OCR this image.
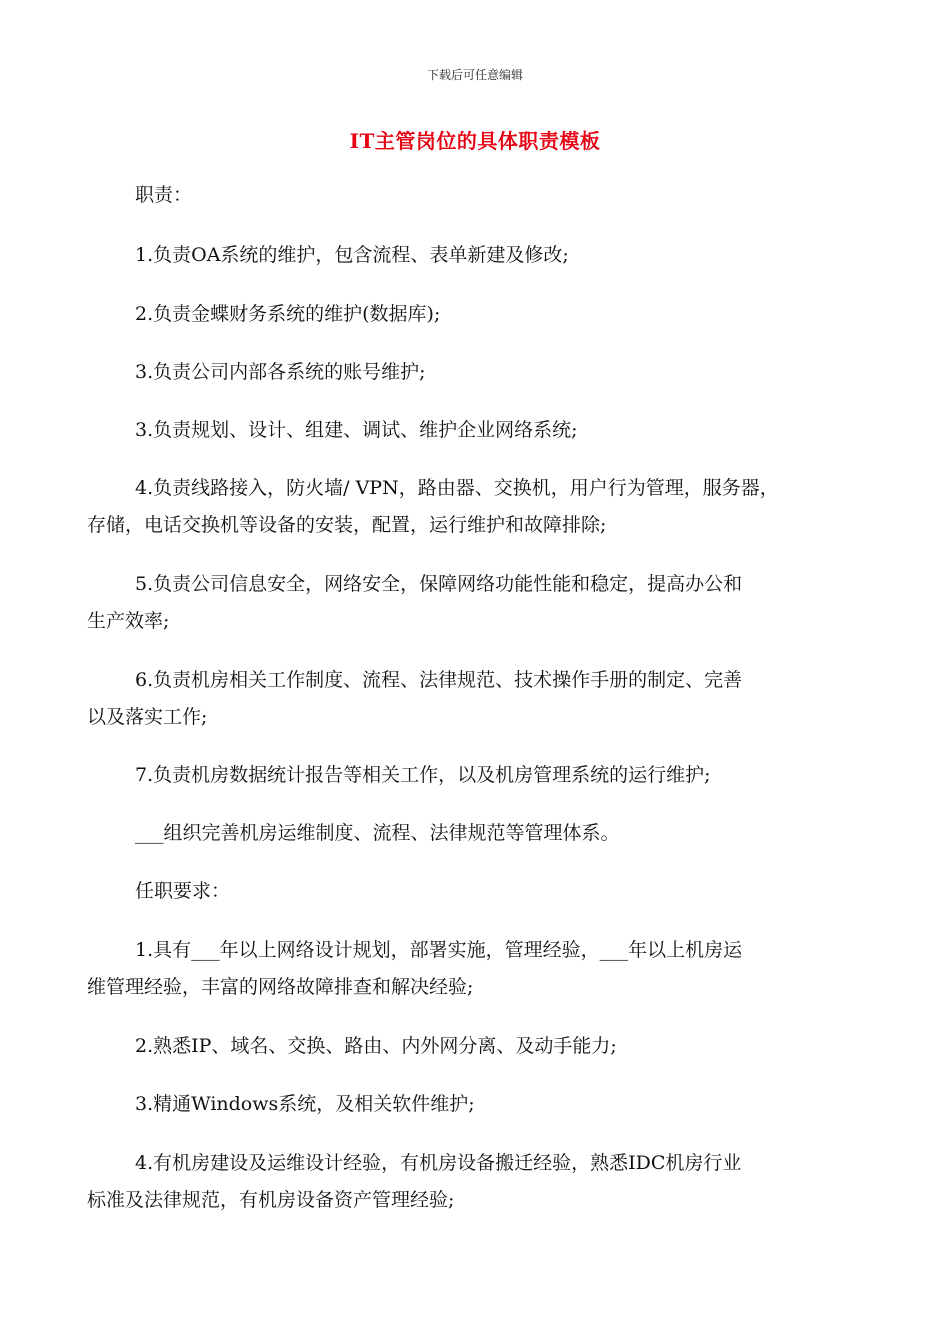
下载后可任意编辑
IT主管岗位的具体职责模板
职责：
1.负责OA系统的维护，包含流程、表单新建及修改;
2.负责金蝶财务系统的维护(数据库);
3.负责公司内部各系统的账号维护;
3.负责规划、设计、组建、调试、维护企业网络系统;
4.负责线路接入，防火墙/ VPN，路由器、交换机，用户行为管理，服务器，
存储，电话交换机等设备的安装，配置，运行维护和故障排除;
5.负责公司信息安全，网络安全，保障网络功能性能和稳定，提高办公和
生产效率;
6.负责机房相关工作制度、流程、法律规范、技术操作手册的制定、完善
以及落实工作;
7.负责机房数据统计报告等相关工作，以及机房管理系统的运行维护;
___组织完善机房运维制度、流程、法律规范等管理体系。
任职要求：
1.具有___年以上网络设计规划，部署实施，管理经验，___年以上机房运
维管理经验，丰富的网络故障排查和解决经验;
2.熟悉IP、域名、交换、路由、内外网分离、及动手能力;
3.精通Windows系统，及相关软件维护;
4.有机房建设及运维设计经验，有机房设备搬迁经验，熟悉IDC机房行业
标准及法律规范，有机房设备资产管理经验;
